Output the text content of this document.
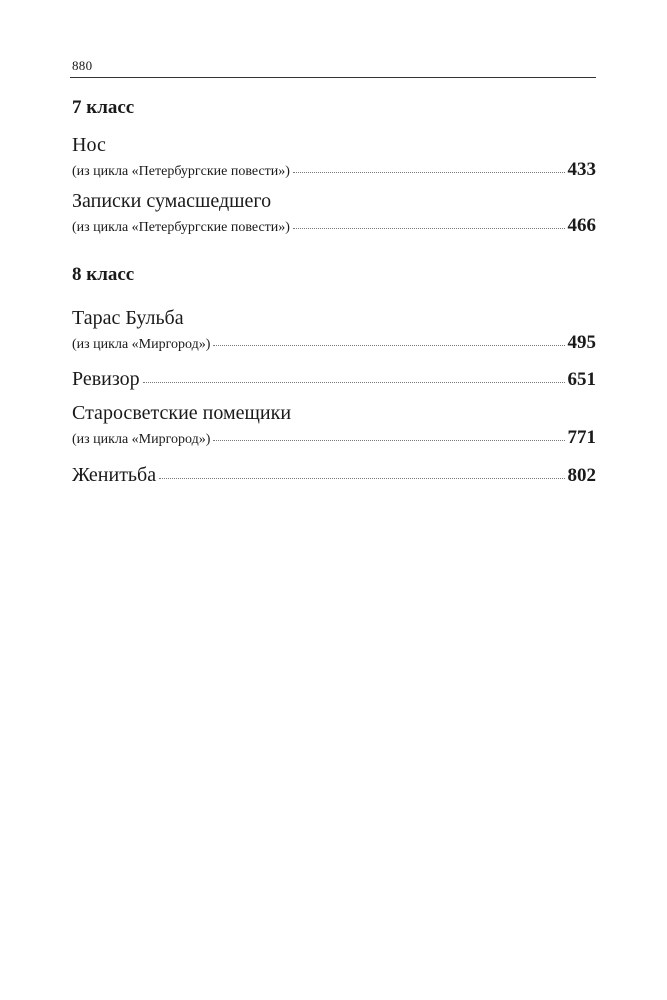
880
7 класс
Нос
(из цикла «Петербургские повести»)	433
Записки сумасшедшего
(из цикла «Петербургские повести»)	466
8 класс
Тарас Бульба
(из цикла «Миргород»)	495
Ревизор	651
Старосветские помещики
(из цикла «Миргород»)	771
Женитьба	802
